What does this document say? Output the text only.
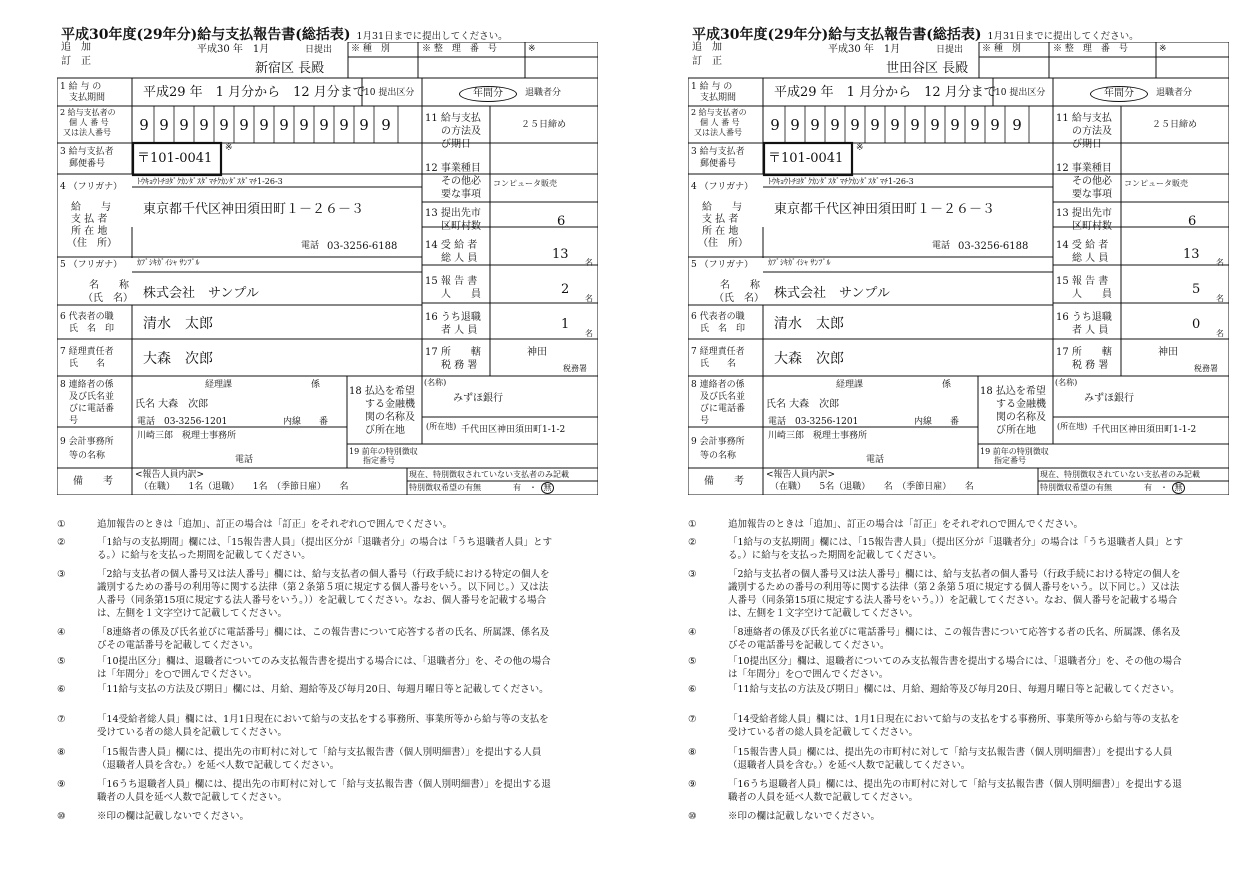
平成30年度(29年分)給与支払報告書(総括表) 1月31日までに提出してください。
追　加
訂　正
平成30 年　1月	日提出
新宿区 長殿
※ 種　別	※ 整　理　番　号	※
1 給 与 の
支払期間	平成29 年　1 月分から　12 月分まで
10 提出区分	年間分	退職者分
2 給与支払者の
個 人 番 号
又は法人番号 9 9 9 9 9 9 9 9 9 9 9 9 9	11 給与支払
の方法及
び期日
２５日締め
3 給与支払者
郵便番号 〒101-0041
※
12 事業種目
その他必
要な事項
コンピュータ販売
4 （フリガナ）
ﾄｳｷｮｳﾄﾁﾖﾀﾞｸｶﾝﾀﾞｽﾀﾞﾏﾁｸｶﾝﾀﾞｽﾀﾞﾏﾁ1-26-3
給　　与
支 払 者
所 在 地
（住　所）
東京都千代区神田須田町１－２６－３
電話 03-3256-6188
13 提出先市
区町村数	6
14 受 給 者
総 人 員	13
名
5 （フリガナ） ｶﾌﾞｼｷｶﾞｲｼｬ ｻﾝﾌﾟﾙ
名　　称
（氏　名） 株式会社　サンプル
15 報 告 書
人　　員	2
名
6 代表者の職
氏　名　印 清水　太郎	16 うち退職
者 人 員	1
名
7 経理責任者
氏　　名	大森　次郎	17 所　　轄
税 務 署
神田
税務署
8 連絡者の係
及び氏名並
びに電話番
号
経理課	係
氏名 大森　次郎
電話　03-3256-1201	内線　　番
18 払込を希望
する金融機
関の名称及
び所在地
(名称)
みずほ銀行
(所在地) 千代田区神田須田町1-1-2
9 会計事務所
等の名称
川崎三郎　税理士事務所
電話
19 前年の特別徴収
指定番号
備　　考
<報告人員内訳>
（在職）　　1名（退職）　　1名　（季節日雇）　　名
現在、特別徴収されていない支払者のみ記載
特別徴収希望の有無	有 ・ 無
①	追加報告のときは「追加」、訂正の場合は「訂正」をそれぞれ○で囲んでください。
②	「1給与の支払期間」欄には、「15報告書人員」（提出区分が「退職者分」の場合は「うち退職者人員」とする。）に給与を支払った期間を記載してください。
③	「2給与支払者の個人番号又は法人番号」欄には、給与支払者の個人番号（行政手続における特定の個人を識別するための番号の利用等に関する法律（第２条第５項に規定する個人番号をいう。以下同じ。）又は法人番号（同条第15項に規定する法人番号をいう。））を記載してください。なお、個人番号を記載する場合は、左側を１文字空けて記載してください。
④	「8連絡者の係及び氏名並びに電話番号」欄には、この報告書について応答する者の氏名、所属課、係名及びその電話番号を記載してください。
⑤	「10提出区分」欄は、退職者についてのみ支払報告書を提出する場合には、「退職者分」を、その他の場合は「年間分」を○で囲んでください。
⑥	「11給与支払の方法及び期日」欄には、月給、週給等及び毎月20日、毎週月曜日等と記載してください。
⑦	「14受給者総人員」欄には、1月1日現在において給与の支払をする事務所、事業所等から給与等の支払を受けている者の総人員を記載してください。
⑧	「15報告書人員」欄には、提出先の市町村に対して「給与支払報告書（個人別明細書）」を提出する人員（退職者人員を含む。）を延べ人数で記載してください。
⑨	「16うち退職者人員」欄には、提出先の市町村に対して「給与支払報告書（個人別明細書）」を提出する退職者の人員を延べ人数で記載してください。
⑩	※印の欄は記載しないでください。
平成30年度(29年分)給与支払報告書(総括表) 1月31日までに提出してください。
追　加
訂　正
平成30 年　1月	日提出
世田谷区 長殿
※ 種　別	※ 整　理　番　号	※
1 給 与 の
支払期間	平成29 年　1 月分から　12 月分まで
10 提出区分	年間分	退職者分
2 給与支払者の
個 人 番 号
又は法人番号 9 9 9 9 9 9 9 9 9 9 9 9 9	11 給与支払
の方法及
び期日
２５日締め
3 給与支払者
郵便番号 〒101-0041
※
12 事業種目
その他必
要な事項
コンピュータ販売
4 （フリガナ）
ﾄｳｷｮｳﾄﾁﾖﾀﾞｸｶﾝﾀﾞｽﾀﾞﾏﾁｸｶﾝﾀﾞｽﾀﾞﾏﾁ1-26-3
給　　与
支 払 者
所 在 地
（住　所）
東京都千代区神田須田町１－２６－３
電話 03-3256-6188
13 提出先市
区町村数	6
14 受 給 者
総 人 員	13
名
5 （フリガナ） ｶﾌﾞｼｷｶﾞｲｼｬ ｻﾝﾌﾟﾙ
名　　称
（氏　名） 株式会社　サンプル
15 報 告 書
人　　員	5
名
6 代表者の職
氏　名　印 清水　太郎	16 うち退職
者 人 員	0
名
7 経理責任者
氏　　名	大森　次郎	17 所　　轄
税 務 署
神田
税務署
8 連絡者の係
及び氏名並
びに電話番
号
経理課	係
氏名 大森　次郎
電話　03-3256-1201	内線　　番
18 払込を希望
する金融機
関の名称及
び所在地
(名称)
みずほ銀行
(所在地) 千代田区神田須田町1-1-2
9 会計事務所
等の名称
川崎三郎　税理士事務所
電話
19 前年の特別徴収
指定番号
備　　考
<報告人員内訳>
（在職）　　5名（退職）　　名　（季節日雇）　　名
現在、特別徴収されていない支払者のみ記載
特別徴収希望の有無	有 ・ 無
①	追加報告のときは「追加」、訂正の場合は「訂正」をそれぞれ○で囲んでください。
②	「1給与の支払期間」欄には、「15報告書人員」（提出区分が「退職者分」の場合は「うち退職者人員」とする。）に給与を支払った期間を記載してください。
③	「2給与支払者の個人番号又は法人番号」欄には、給与支払者の個人番号（行政手続における特定の個人を識別するための番号の利用等に関する法律（第２条第５項に規定する個人番号をいう。以下同じ。）又は法人番号（同条第15項に規定する法人番号をいう。））を記載してください。なお、個人番号を記載する場合は、左側を１文字空けて記載してください。
④	「8連絡者の係及び氏名並びに電話番号」欄には、この報告書について応答する者の氏名、所属課、係名及びその電話番号を記載してください。
⑤	「10提出区分」欄は、退職者についてのみ支払報告書を提出する場合には、「退職者分」を、その他の場合は「年間分」を○で囲んでください。
⑥	「11給与支払の方法及び期日」欄には、月給、週給等及び毎月20日、毎週月曜日等と記載してください。
⑦	「14受給者総人員」欄には、1月1日現在において給与の支払をする事務所、事業所等から給与等の支払を受けている者の総人員を記載してください。
⑧	「15報告書人員」欄には、提出先の市町村に対して「給与支払報告書（個人別明細書）」を提出する人員（退職者人員を含む。）を延べ人数で記載してください。
⑨	「16うち退職者人員」欄には、提出先の市町村に対して「給与支払報告書（個人別明細書）」を提出する退職者の人員を延べ人数で記載してください。
⑩	※印の欄は記載しないでください。
